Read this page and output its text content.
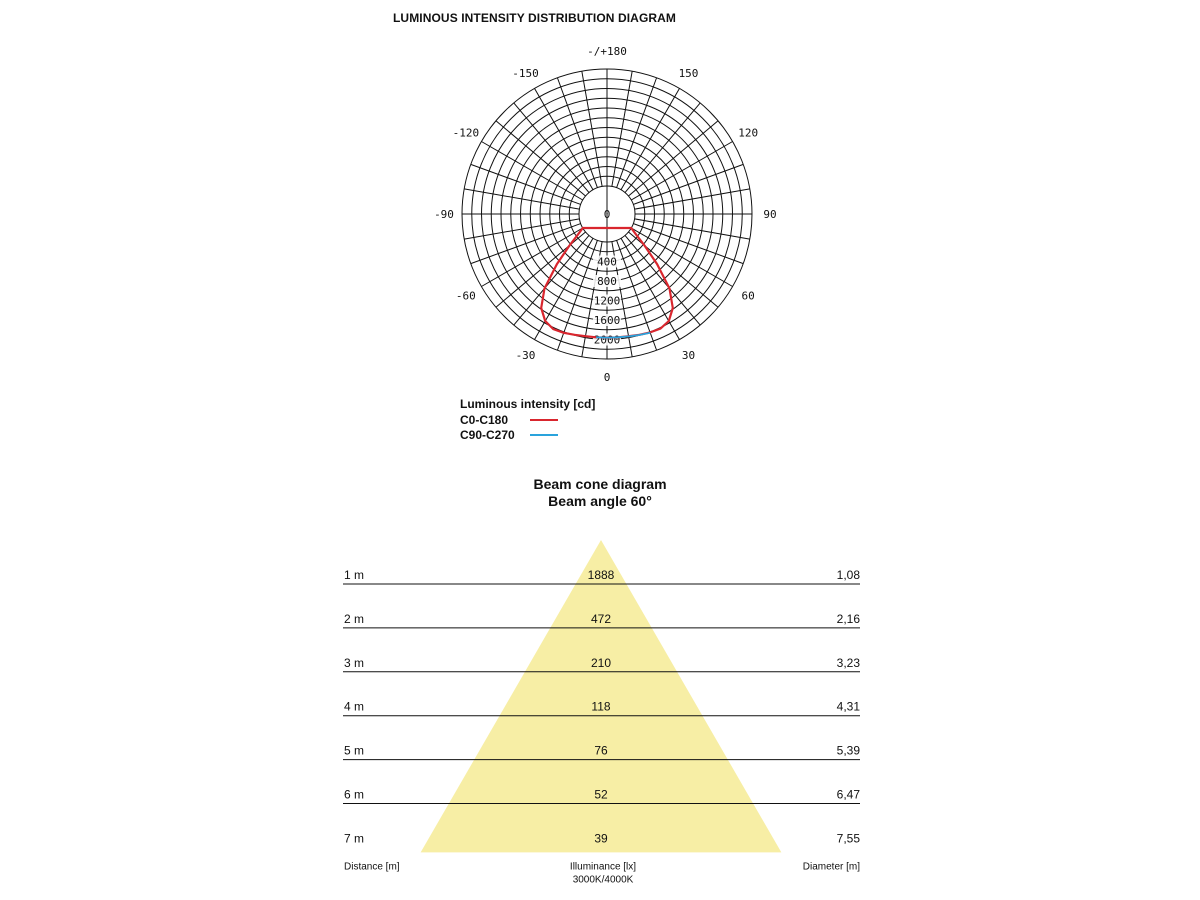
LUMINOUS INTENSITY DISTRIBUTION DIAGRAM
0
400
800
1200
1600
2000
-/+180
-150	150
-120	120
-90	90
-60	60
-30	30
0
1 m	1888	1,08
2 m	472	2,16
3 m	210	3,23
4 m	118	4,31
5 m	76	5,39
6 m	52	6,47
7 m	39	7,55
Distance [m]	Illuminance [lx]
3000K/4000K
Diameter [m]
Luminous intensity [cd]
C0-C180
C90-C270
Beam cone diagram
Beam angle 60°
